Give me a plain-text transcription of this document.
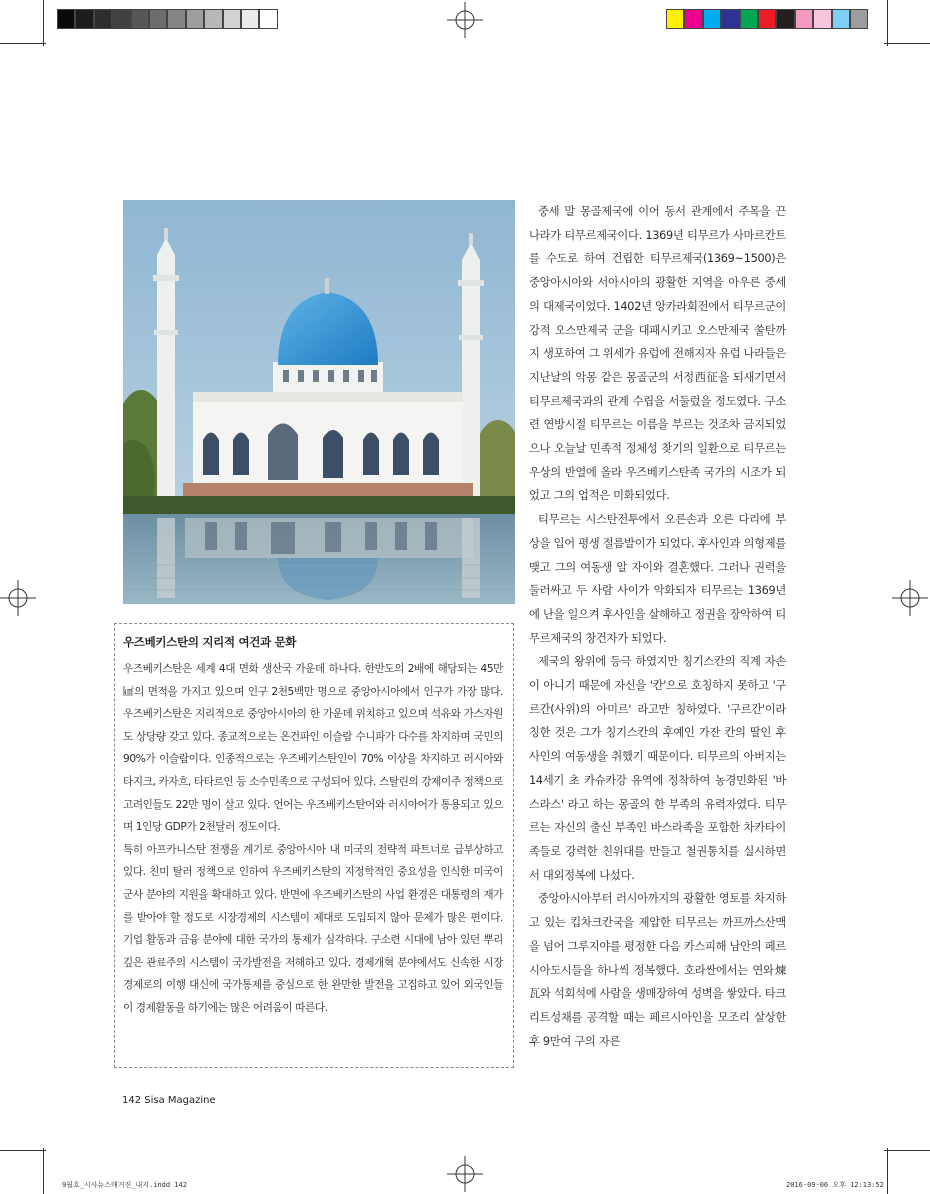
중세 말 몽골제국에 이어 동서 관계에서 주목을 끈 나라가 티무르제국이다. 1369년 티무르가 사마르칸트를 수도로 하여 건립한 티무르제국(1369~1500)은 중앙아시아와 서아시아의 광활한 지역을 아우른 중세의 대제국이었다. 1402년 앙카라회전에서 티무르군이 강적 오스만제국 군을 대패시키고 오스만제국 쑬탄까지 생포하여 그 위세가 유럽에 전해지자 유럽 나라들은 지난날의 악몽 같은 몽골군의 서정西征을 되새기면서 티무르제국과의 관계 수립을 서둘렀을 정도였다. 구소련 연방시절 티무르는 이름을 부르는 것조차 금지되었으나 오늘날 민족적 정체성 찾기의 일환으로 티무르는 우상의 반열에 올라 우즈베키스탄족 국가의 시조가 되었고 그의 업적은 미화되었다.

티무르는 시스탄전투에서 오른손과 오른 다리에 부상을 입어 평생 절름발이가 되었다. 후사인과 의형제를 맺고 그의 여동생 알 자이와 결혼했다. 그러나 권력을 둘러싸고 두 사람 사이가 악화되자 티무르는 1369년에 난을 일으켜 후사인을 살해하고 정권을 장악하여 티무르제국의 창건자가 되었다.

제국의 왕위에 등극 하였지만 칭기스칸의 직계 자손이 아니기 때문에 자신을 '칸'으로 호칭하지 못하고 '구르간(사위)의 아미르' 라고만 칭하였다. '구르간'이라 칭한 것은 그가 칭기스칸의 후예인 가잔 칸의 딸인 후사인의 여동생을 취했기 때문이다. 티무르의 아버지는 14세기 초 카슈카강 유역에 정착하여 농경민화된 '바스라스' 라고 하는 몽골의 한 부족의 유력자였다. 티무르는 자신의 출신 부족인 바스라족을 포함한 차카타이족들로 강력한 친위대를 만들고 철권통치를 실시하면서 대외정복에 나섰다.

중앙아시아부터 러시아까지의 광활한 영토를 차지하고 있는 킵차크칸국을 제압한 티무르는 까프까스산맥을 넘어 그루지야를 평정한 다음 카스피해 남안의 페르시아도시들을 하나씩 정복했다. 호라싼에서는 연와煉瓦와 석회석에 사람을 생매장하여 성벽을 쌓았다. 타크리트성채를 공격할 때는 페르시아인을 모조리 살상한 후 9만여 구의 자른

우즈베키스탄의 지리적 여건과 문화

우즈베키스탄은 세계 4대 면화 생산국 가운데 하나다. 한반도의 2배에 해당되는 45만㎢의 면적을 가지고 있으며 인구 2천5백만 명으로 중앙아시아에서 인구가 가장 많다. 우즈베키스탄은 지리적으로 중앙아시아의 한 가운데 위치하고 있으며 석유와 가스자원도 상당량 갖고 있다. 종교적으로는 온건파인 이슬람 수니파가 다수를 차지하며 국민의 90%가 이슬람이다. 인종적으로는 우즈베키스탄인이 70% 이상을 차지하고 러시아와 타지크, 카자흐, 타타르인 등 소수민족으로 구성되어 있다. 스탈린의 강제이주 정책으로 고려인들도 22만 명이 살고 있다. 언어는 우즈베키스탄어와 러시아어가 통용되고 있으며 1인당 GDP가 2천달러 정도이다.

특히 아프카니스탄 전쟁을 계기로 중앙아시아 내 미국의 전략적 파트너로 급부상하고 있다. 친미 탈러 정책으로 인하여 우즈베키스탄의 지정학적인 중요성을 인식한 미국이 군사 분야의 지원을 확대하고 있다. 반면에 우즈베키스탄의 사업 환경은 대통령의 재가를 받아야 할 정도로 시장경제의 시스템이 제대로 도입되지 않아 문제가 많은 편이다. 기업 활동과 금융 분야에 대한 국가의 통제가 심각하다. 구소련 시대에 남아 있던 뿌리 깊은 관료주의 시스템이 국가발전을 저해하고 있다. 경제개혁 분야에서도 신속한 시장경제로의 이행 대신에 국가통제를 중심으로 한 완만한 발전을 고집하고 있어 외국인들이 경제활동을 하기에는 많은 어려움이 따른다.

142 Sisa Magazine
9월호_시사뉴스매거진_내지.indd 142	2016-09-06 오후 12:13:52
